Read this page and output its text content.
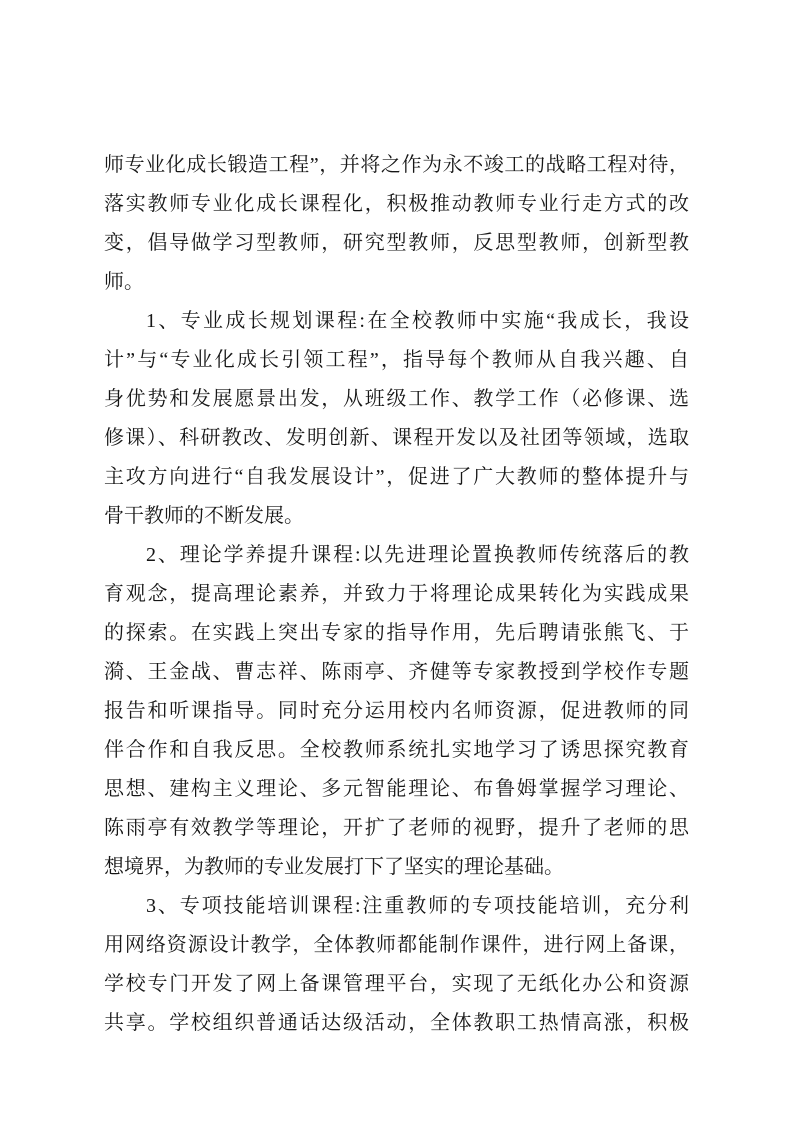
师专业化成长锻造工程”，并将之作为永不竣工的战略工程对待，
落实教师专业化成长课程化，积极推动教师专业行走方式的改
变，倡导做学习型教师，研究型教师，反思型教师，创新型教
师。
1、专业成长规划课程:在全校教师中实施“我成长，我设
计”与“专业化成长引领工程”，指导每个教师从自我兴趣、自
身优势和发展愿景出发，从班级工作、教学工作（必修课、选
修课）、科研教改、发明创新、课程开发以及社团等领域，选取
主攻方向进行“自我发展设计”，促进了广大教师的整体提升与
骨干教师的不断发展。
2、理论学养提升课程:以先进理论置换教师传统落后的教
育观念，提高理论素养，并致力于将理论成果转化为实践成果
的探索。在实践上突出专家的指导作用，先后聘请张熊飞、于
漪、王金战、曹志祥、陈雨亭、齐健等专家教授到学校作专题
报告和听课指导。同时充分运用校内名师资源，促进教师的同
伴合作和自我反思。全校教师系统扎实地学习了诱思探究教育
思想、建构主义理论、多元智能理论、布鲁姆掌握学习理论、
陈雨亭有效教学等理论，开扩了老师的视野，提升了老师的思
想境界，为教师的专业发展打下了坚实的理论基础。
3、专项技能培训课程:注重教师的专项技能培训，充分利
用网络资源设计教学，全体教师都能制作课件，进行网上备课，
学校专门开发了网上备课管理平台，实现了无纸化办公和资源
共享。学校组织普通话达级活动，全体教职工热情高涨，积极
